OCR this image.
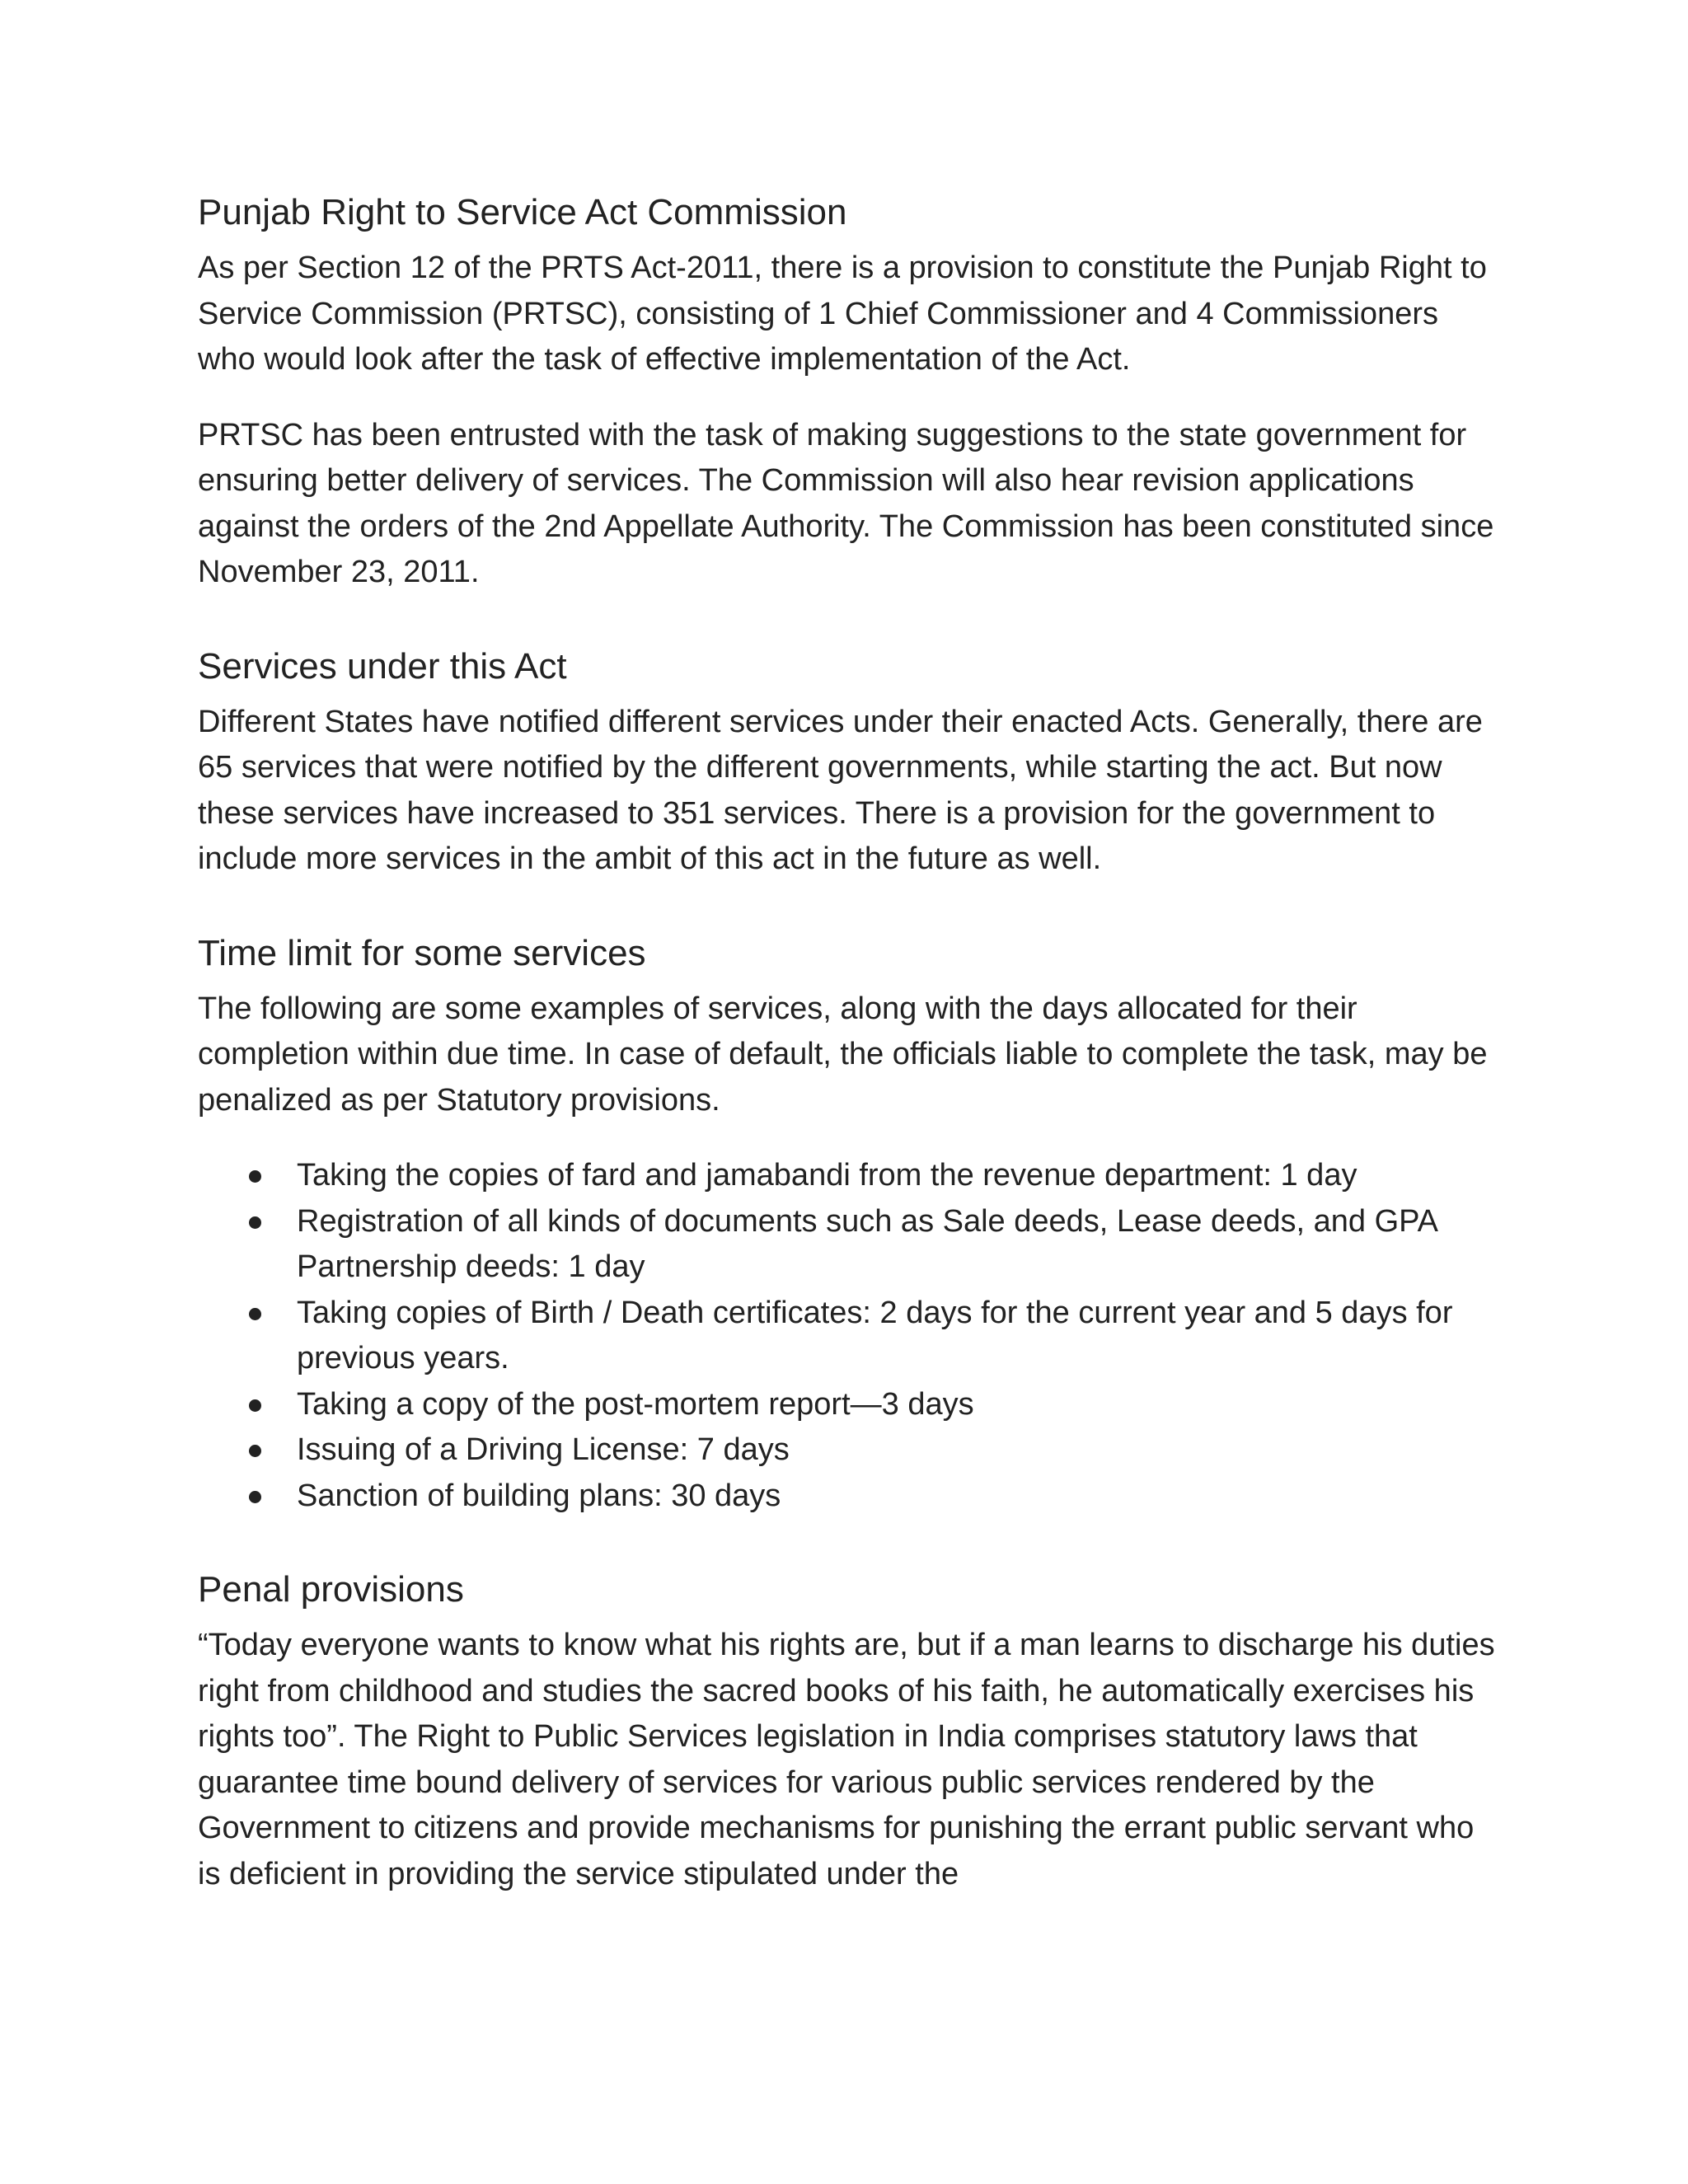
Punjab Right to Service Act Commission

As per Section 12 of the PRTS Act-2011, there is a provision to constitute the Punjab Right to Service Commission (PRTSC), consisting of 1 Chief Commissioner and 4 Commissioners who would look after the task of effective implementation of the Act.

PRTSC has been entrusted with the task of making suggestions to the state government for ensuring better delivery of services. The Commission will also hear revision applications against the orders of the 2nd Appellate Authority. The Commission has been constituted since November 23, 2011.

Services under this Act

Different States have notified different services under their enacted Acts. Generally, there are 65 services that were notified by the different governments, while starting the act. But now these services have increased to 351 services. There is a provision for the government to include more services in the ambit of this act in the future as well.

Time limit for some services

The following are some examples of services, along with the days allocated for their completion within due time. In case of default, the officials liable to complete the task, may be penalized as per Statutory provisions.

Taking the copies of fard and jamabandi from the revenue department: 1 day
Registration of all kinds of documents such as Sale deeds, Lease deeds, and GPA Partnership deeds: 1 day
Taking copies of Birth / Death certificates: 2 days for the current year and 5 days for previous years.
Taking a copy of the post-mortem report—3 days
Issuing of a Driving License: 7 days
Sanction of building plans: 30 days
Penal provisions

“Today everyone wants to know what his rights are, but if a man learns to discharge his duties right from childhood and studies the sacred books of his faith, he automatically exercises his rights too”. The Right to Public Services legislation in India comprises statutory laws that guarantee time bound delivery of services for various public services rendered by the Government to citizens and provide mechanisms for punishing the errant public servant who is deficient in providing the service stipulated under the
